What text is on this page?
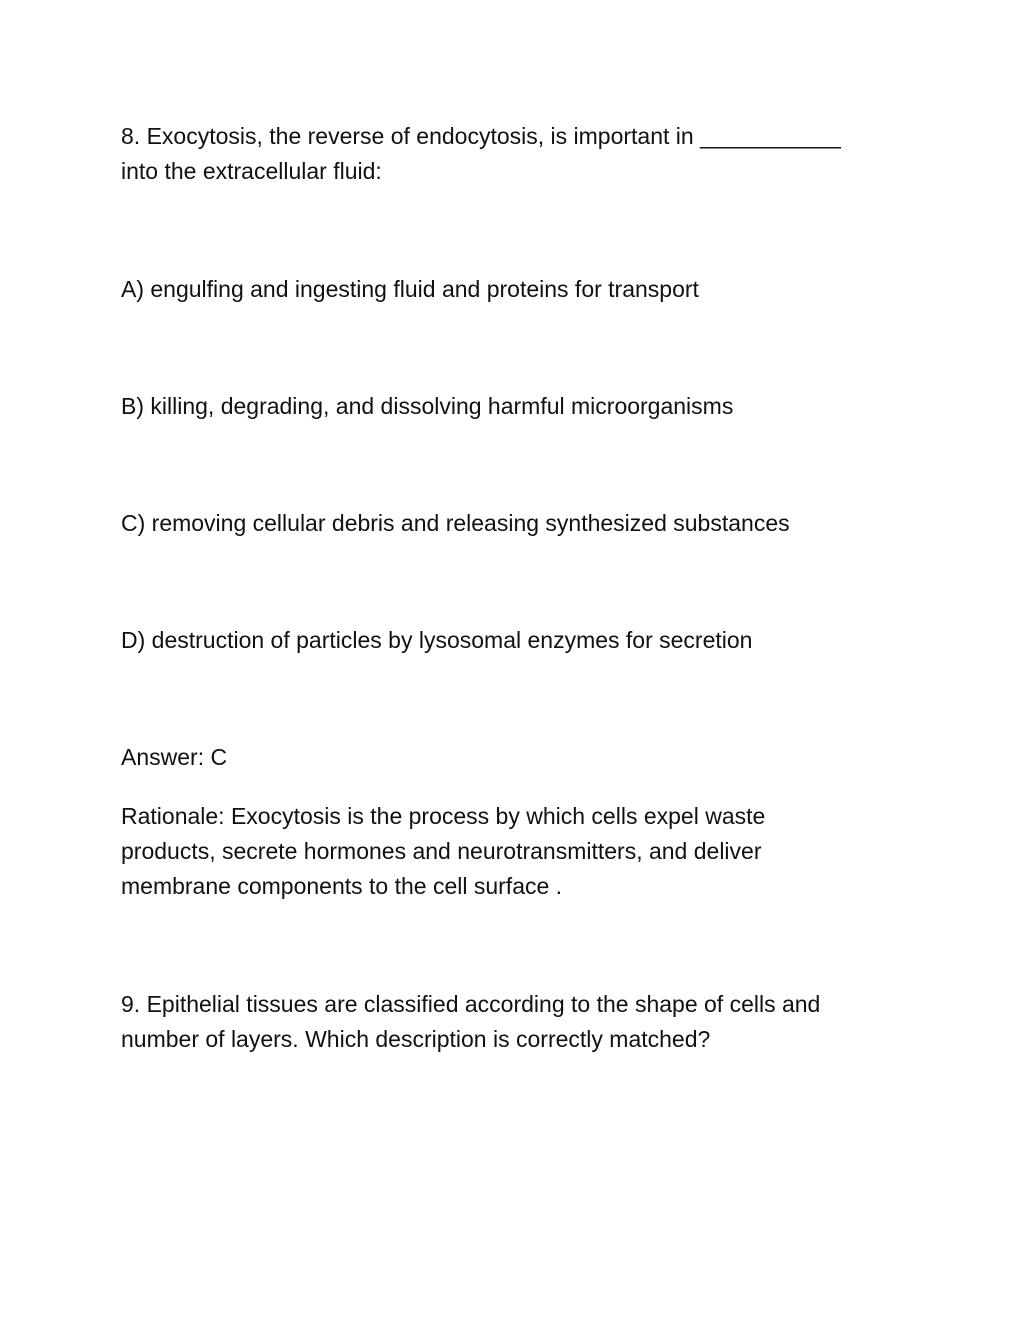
8. Exocytosis, the reverse of endocytosis, is important in ___________

into the extracellular fluid:

A) engulfing and ingesting fluid and proteins for transport

B) killing, degrading, and dissolving harmful microorganisms

C) removing cellular debris and releasing synthesized substances

D) destruction of particles by lysosomal enzymes for secretion

Answer: C

Rationale: Exocytosis is the process by which cells expel waste

products, secrete hormones and neurotransmitters, and deliver

membrane components to the cell surface .

9. Epithelial tissues are classified according to the shape of cells and

number of layers. Which description is correctly matched?
